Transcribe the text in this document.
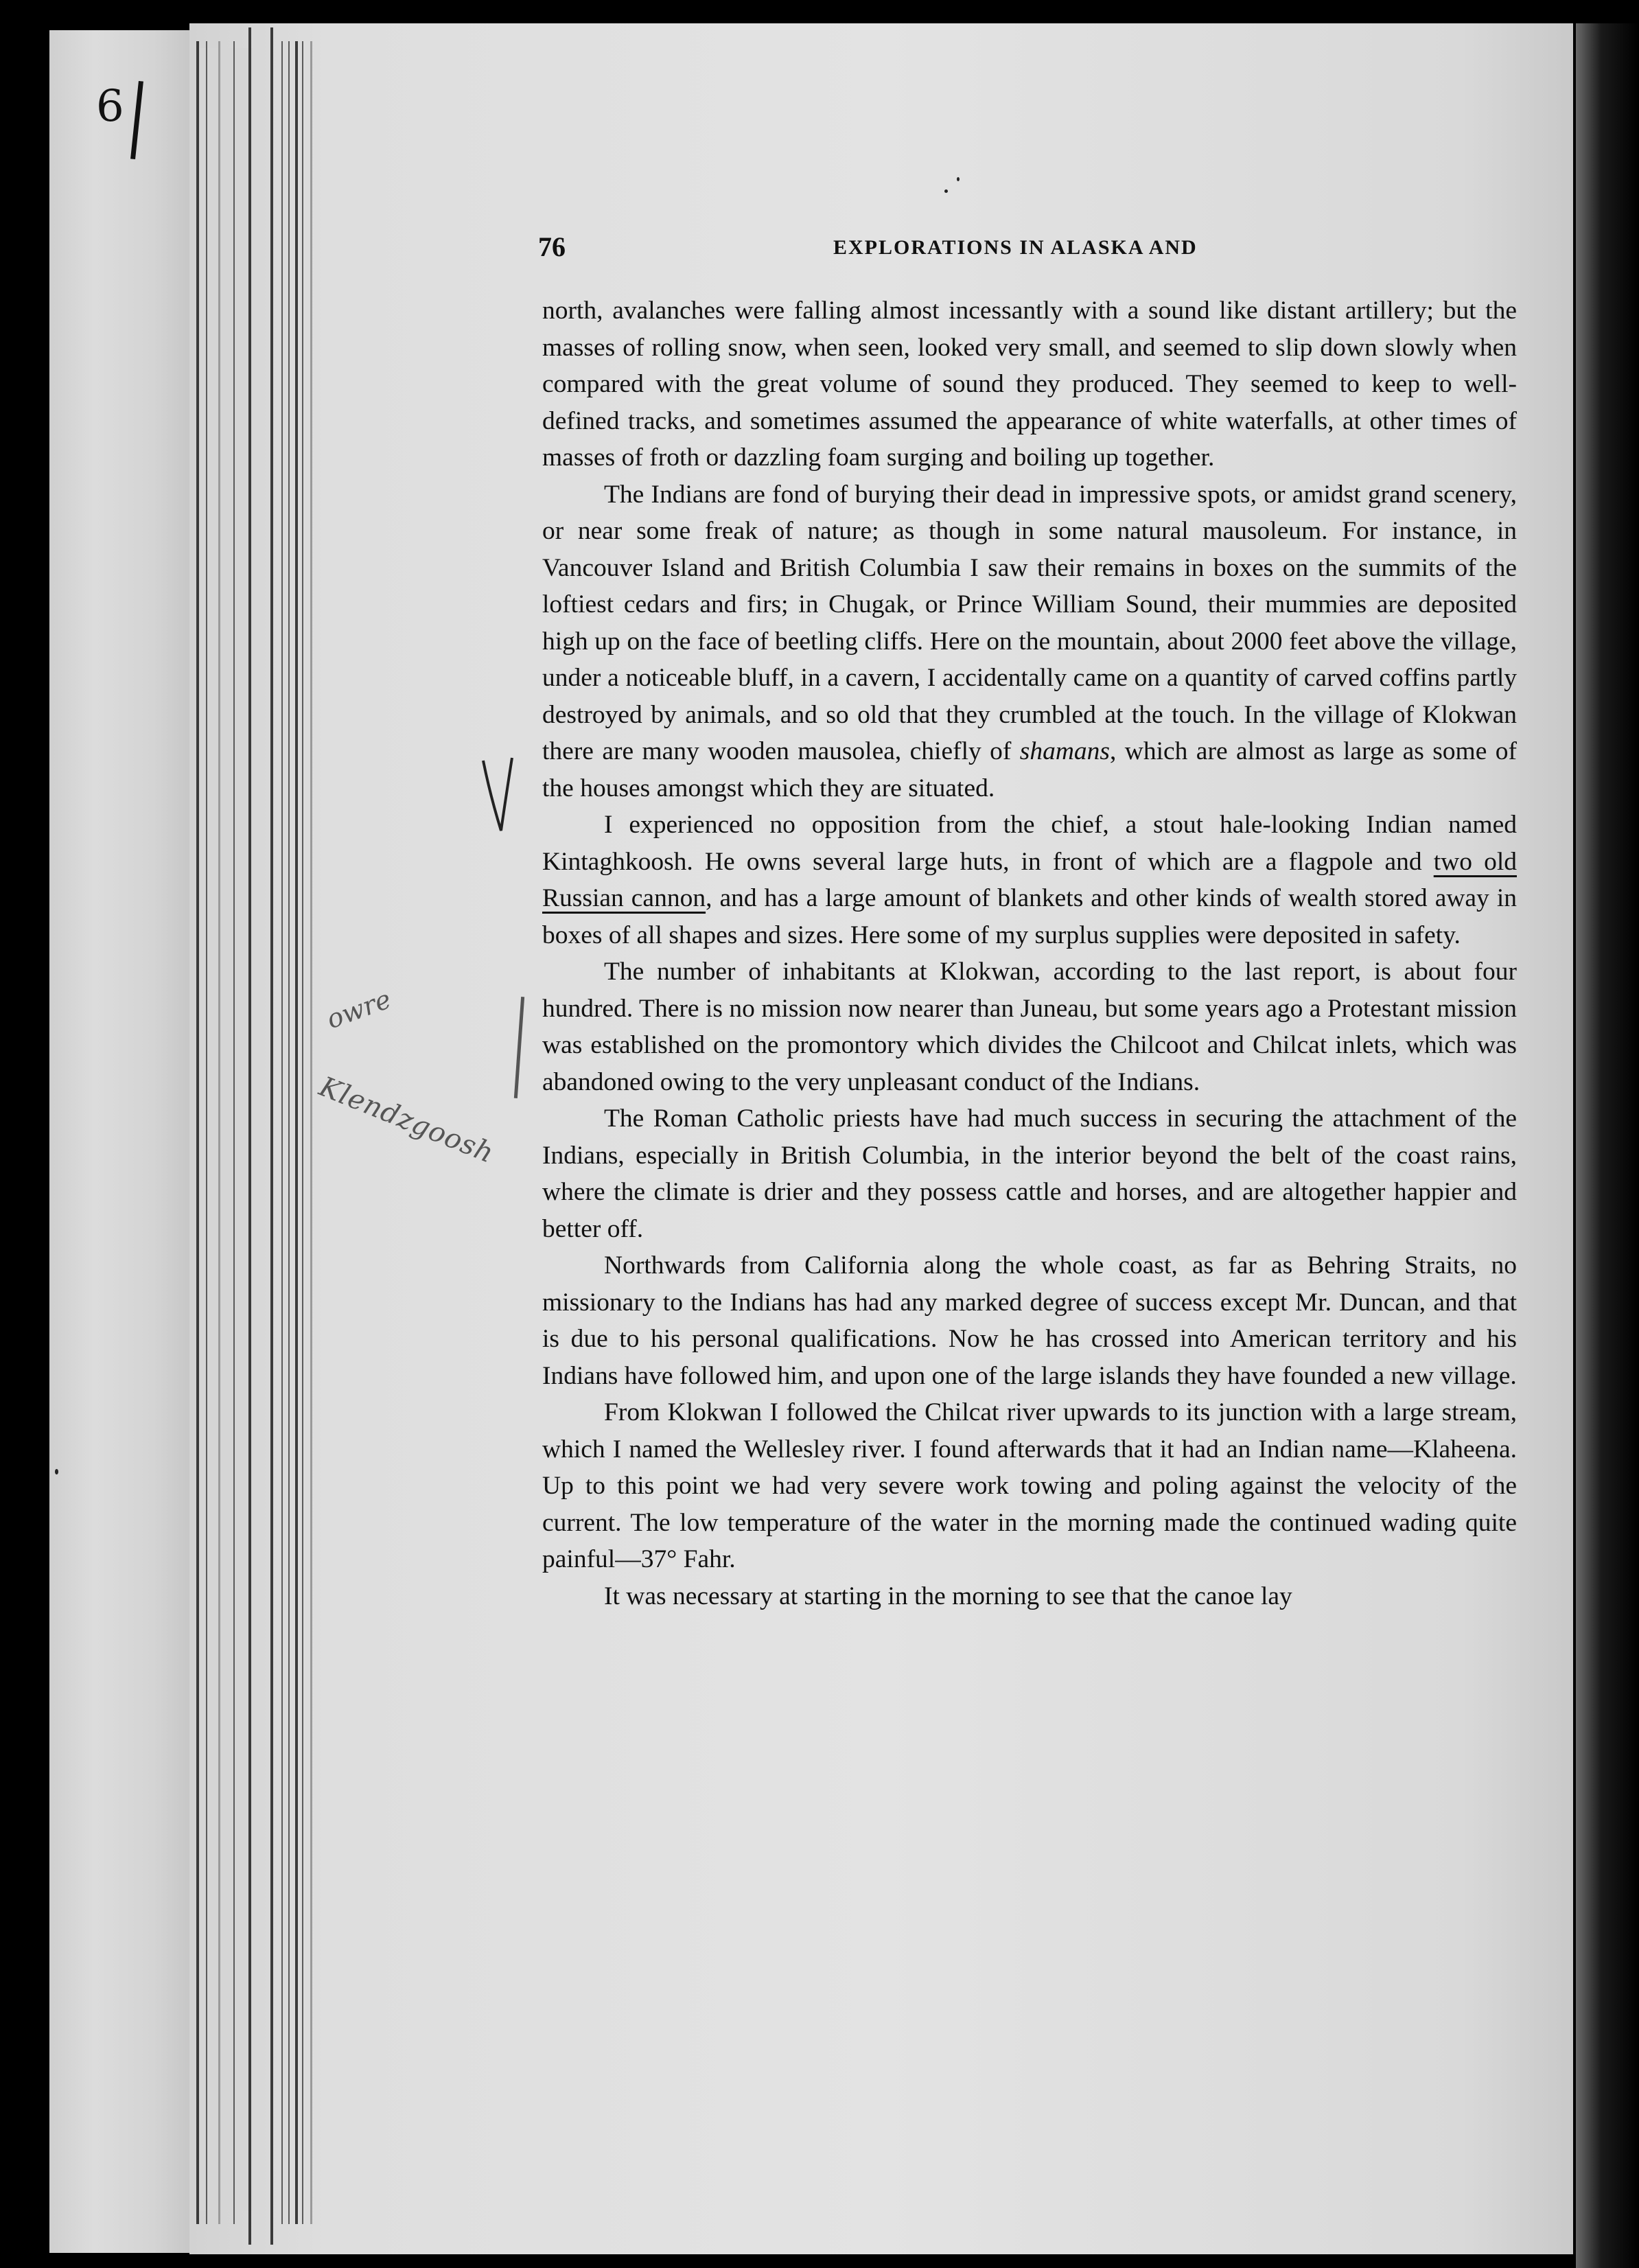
6
owre
Klendzgoosh
76	EXPLORATIONS IN ALASKA AND

north, avalanches were falling almost incessantly with a sound like distant artillery; but the masses of rolling snow, when seen, looked very small, and seemed to slip down slowly when compared with the great volume of sound they produced. They seemed to keep to well-defined tracks, and sometimes assumed the appearance of white waterfalls, at other times of masses of froth or dazzling foam surging and boiling up together.

The Indians are fond of burying their dead in impressive spots, or amidst grand scenery, or near some freak of nature; as though in some natural mausoleum. For instance, in Vancouver Island and British Columbia I saw their remains in boxes on the summits of the loftiest cedars and firs; in Chugak, or Prince William Sound, their mummies are deposited high up on the face of beetling cliffs. Here on the mountain, about 2000 feet above the village, under a noticeable bluff, in a cavern, I accidentally came on a quantity of carved coffins partly destroyed by animals, and so old that they crumbled at the touch. In the village of Klokwan there are many wooden mausolea, chiefly of shamans, which are almost as large as some of the houses amongst which they are situated.

I experienced no opposition from the chief, a stout hale-looking Indian named Kintaghkoosh. He owns several large huts, in front of which are a flagpole and two old Russian cannon, and has a large amount of blankets and other kinds of wealth stored away in boxes of all shapes and sizes. Here some of my surplus supplies were deposited in safety.

The number of inhabitants at Klokwan, according to the last report, is about four hundred. There is no mission now nearer than Juneau, but some years ago a Protestant mission was established on the promontory which divides the Chilcoot and Chilcat inlets, which was abandoned owing to the very unpleasant conduct of the Indians.

The Roman Catholic priests have had much success in securing the attachment of the Indians, especially in British Columbia, in the interior beyond the belt of the coast rains, where the climate is drier and they possess cattle and horses, and are altogether happier and better off.

Northwards from California along the whole coast, as far as Behring Straits, no missionary to the Indians has had any marked degree of success except Mr. Duncan, and that is due to his personal qualifications. Now he has crossed into American territory and his Indians have followed him, and upon one of the large islands they have founded a new village.

From Klokwan I followed the Chilcat river upwards to its junction with a large stream, which I named the Wellesley river. I found afterwards that it had an Indian name—Klaheena. Up to this point we had very severe work towing and poling against the velocity of the current. The low temperature of the water in the morning made the continued wading quite painful—37° Fahr.

It was necessary at starting in the morning to see that the canoe lay
